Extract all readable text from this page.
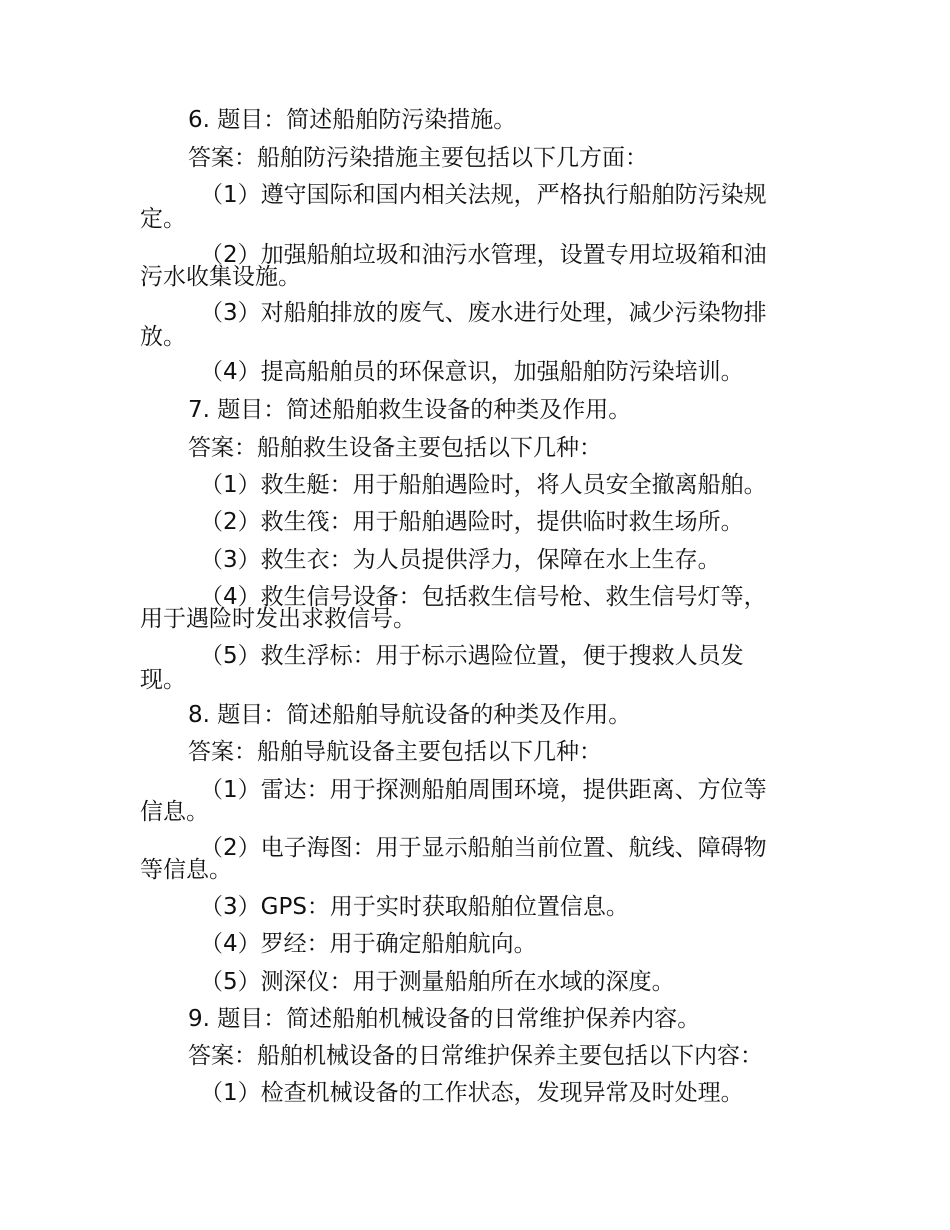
6. 题目：简述船舶防污染措施。
答案：船舶防污染措施主要包括以下几方面：
（1）遵守国际和国内相关法规，严格执行船舶防污染规
定。
（2）加强船舶垃圾和油污水管理，设置专用垃圾箱和油
污水收集设施。
（3）对船舶排放的废气、废水进行处理，减少污染物排
放。
（4）提高船舶员的环保意识，加强船舶防污染培训。
7. 题目：简述船舶救生设备的种类及作用。
答案：船舶救生设备主要包括以下几种：
（1）救生艇：用于船舶遇险时，将人员安全撤离船舶。
（2）救生筏：用于船舶遇险时，提供临时救生场所。
（3）救生衣：为人员提供浮力，保障在水上生存。
（4）救生信号设备：包括救生信号枪、救生信号灯等，
用于遇险时发出求救信号。
（5）救生浮标：用于标示遇险位置，便于搜救人员发
现。
8. 题目：简述船舶导航设备的种类及作用。
答案：船舶导航设备主要包括以下几种：
（1）雷达：用于探测船舶周围环境，提供距离、方位等
信息。
（2）电子海图：用于显示船舶当前位置、航线、障碍物
等信息。
（3）GPS：用于实时获取船舶位置信息。
（4）罗经：用于确定船舶航向。
（5）测深仪：用于测量船舶所在水域的深度。
9. 题目：简述船舶机械设备的日常维护保养内容。
答案：船舶机械设备的日常维护保养主要包括以下内容：
（1）检查机械设备的工作状态，发现异常及时处理。
